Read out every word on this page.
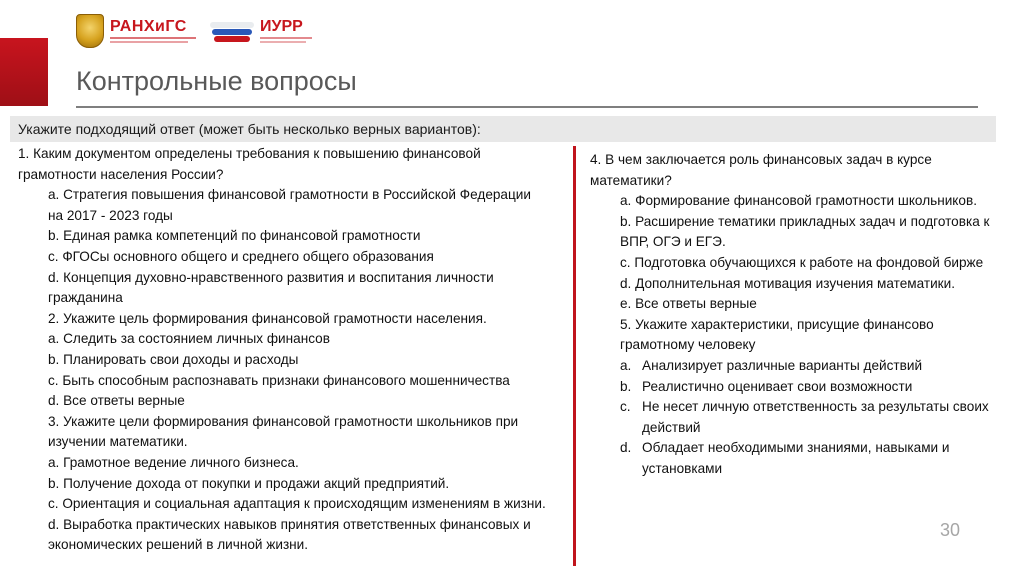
РАНХиГС	ИУРР
Контрольные вопросы
Укажите подходящий ответ (может быть несколько верных вариантов):
1. Каким документом определены требования к повышению финансовой
грамотности населения России?
a. Стратегия повышения финансовой грамотности в Российской Федерации
на 2017 - 2023 годы
b. Единая рамка компетенций по финансовой грамотности
c. ФГОСы основного общего и среднего общего образования
d. Концепция духовно-нравственного развития и воспитания личности
гражданина
2. Укажите цель формирования финансовой грамотности населения.
a. Следить за состоянием личных финансов
b. Планировать свои доходы и расходы
c. Быть способным распознавать признаки финансового мошенничества
d. Все ответы верные
3. Укажите цели формирования финансовой грамотности школьников при
изучении математики.
a. Грамотное ведение личного бизнеса.
b. Получение дохода от покупки и продажи акций предприятий.
c. Ориентация и социальная адаптация к происходящим изменениям в жизни.
d. Выработка практических навыков принятия ответственных финансовых и
экономических решений в личной жизни.
4. В чем заключается роль финансовых задач в курсе
математики?
a. Формирование финансовой грамотности школьников.
b. Расширение тематики прикладных задач и подготовка к
ВПР, ОГЭ и ЕГЭ.
c. Подготовка обучающихся к работе на фондовой бирже
d. Дополнительная мотивация изучения математики.
e. Все ответы верные
5. Укажите характеристики, присущие финансово
грамотному человеку
a. Анализирует различные варианты действий
b. Реалистично оценивает свои возможности
c. Не несет личную ответственность за результаты своих действий
d. Обладает необходимыми знаниями, навыками и установками
30
